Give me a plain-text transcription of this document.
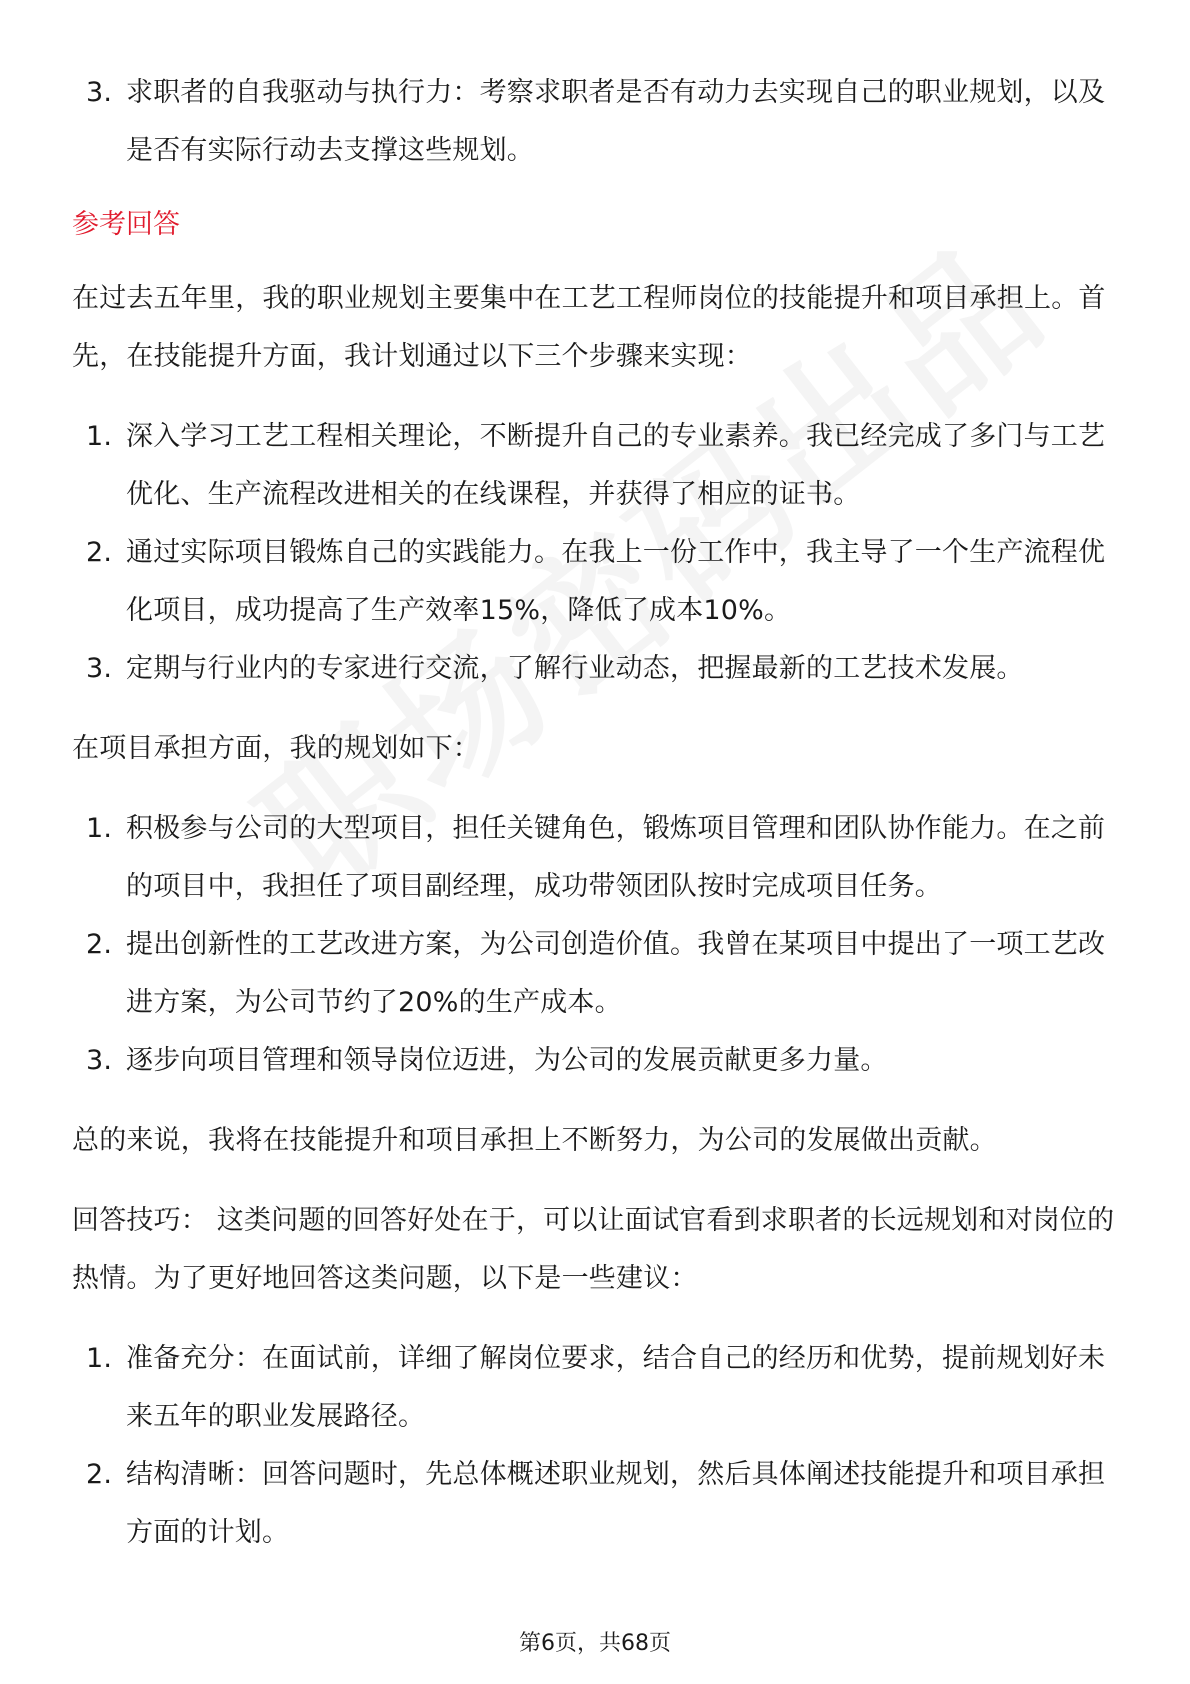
3. 求职者的自我驱动与执行力：考察求职者是否有动力去实现自己的职业规划，以及是否有实际行动去支撑这些规划。
参考回答

在过去五年里，我的职业规划主要集中在工艺工程师岗位的技能提升和项目承担上。首先，在技能提升方面，我计划通过以下三个步骤来实现：

1. 深入学习工艺工程相关理论，不断提升自己的专业素养。我已经完成了多门与工艺优化、生产流程改进相关的在线课程，并获得了相应的证书。
2. 通过实际项目锻炼自己的实践能力。在我上一份工作中，我主导了一个生产流程优化项目，成功提高了生产效率15%，降低了成本10%。
3. 定期与行业内的专家进行交流，了解行业动态，把握最新的工艺技术发展。

在项目承担方面，我的规划如下：

1. 积极参与公司的大型项目，担任关键角色，锻炼项目管理和团队协作能力。在之前的项目中，我担任了项目副经理，成功带领团队按时完成项目任务。
2. 提出创新性的工艺改进方案，为公司创造价值。我曾在某项目中提出了一项工艺改进方案，为公司节约了20%的生产成本。
3. 逐步向项目管理和领导岗位迈进，为公司的发展贡献更多力量。

总的来说，我将在技能提升和项目承担上不断努力，为公司的发展做出贡献。

回答技巧： 这类问题的回答好处在于，可以让面试官看到求职者的长远规划和对岗位的热情。为了更好地回答这类问题，以下是一些建议：

1. 准备充分：在面试前，详细了解岗位要求，结合自己的经历和优势，提前规划好未来五年的职业发展路径。
2. 结构清晰：回答问题时，先总体概述职业规划，然后具体阐述技能提升和项目承担方面的计划。
第6页，共68页
